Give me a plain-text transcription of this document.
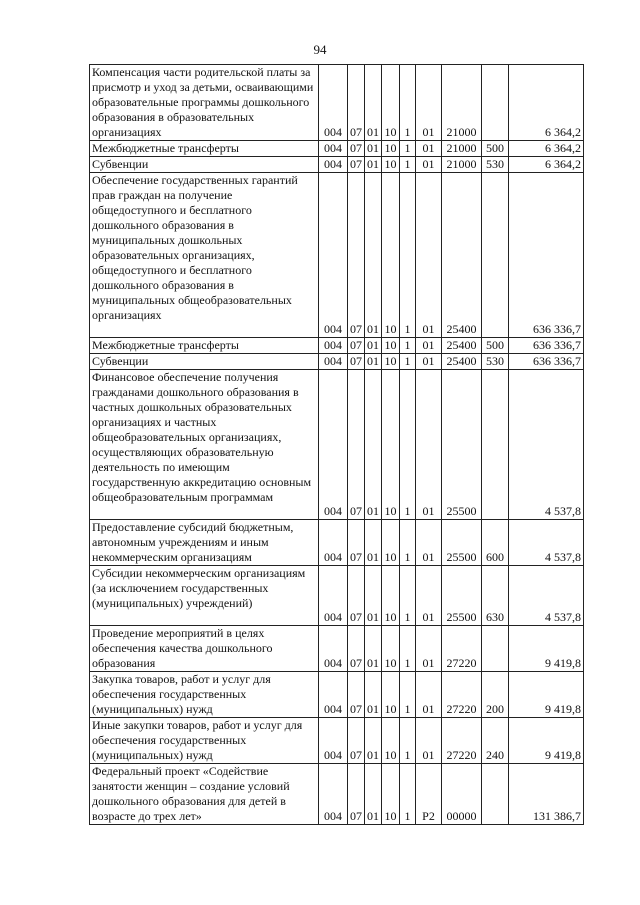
94
Компенсация части родительской платы за присмотр и уход за детьми, осваивающими образовательные программы дошкольного образования в образовательных организациях	004	07	01	10	1	01	21000		6 364,2
Межбюджетные трансферты	004	07	01	10	1	01	21000	500	6 364,2
Субвенции	004	07	01	10	1	01	21000	530	6 364,2
Обеспечение государственных гарантий прав граждан на получение общедоступного и бесплатного дошкольного образования в муниципальных дошкольных образовательных организациях, общедоступного и бесплатного дошкольного образования в муниципальных общеобразовательных организациях	004	07	01	10	1	01	25400		636 336,7
Межбюджетные трансферты	004	07	01	10	1	01	25400	500	636 336,7
Субвенции	004	07	01	10	1	01	25400	530	636 336,7
Финансовое обеспечение получения гражданами дошкольного образования в частных дошкольных образовательных организациях и частных общеобразовательных организациях, осуществляющих образовательную деятельность по имеющим государственную аккредитацию основным общеобразовательным программам	004	07	01	10	1	01	25500		4 537,8
Предоставление субсидий бюджетным, автономным учреждениям и иным некоммерческим организациям	004	07	01	10	1	01	25500	600	4 537,8
Субсидии некоммерческим организациям (за исключением государственных (муниципальных) учреждений)	004	07	01	10	1	01	25500	630	4 537,8
Проведение мероприятий в целях обеспечения качества дошкольного образования	004	07	01	10	1	01	27220		9 419,8
Закупка товаров, работ и услуг для обеспечения государственных (муниципальных) нужд	004	07	01	10	1	01	27220	200	9 419,8
Иные закупки товаров, работ и услуг для обеспечения государственных (муниципальных) нужд	004	07	01	10	1	01	27220	240	9 419,8
Федеральный проект «Содействие занятости женщин – создание условий дошкольного образования для детей в возрасте до трех лет»	004	07	01	10	1	P2	00000		131 386,7
